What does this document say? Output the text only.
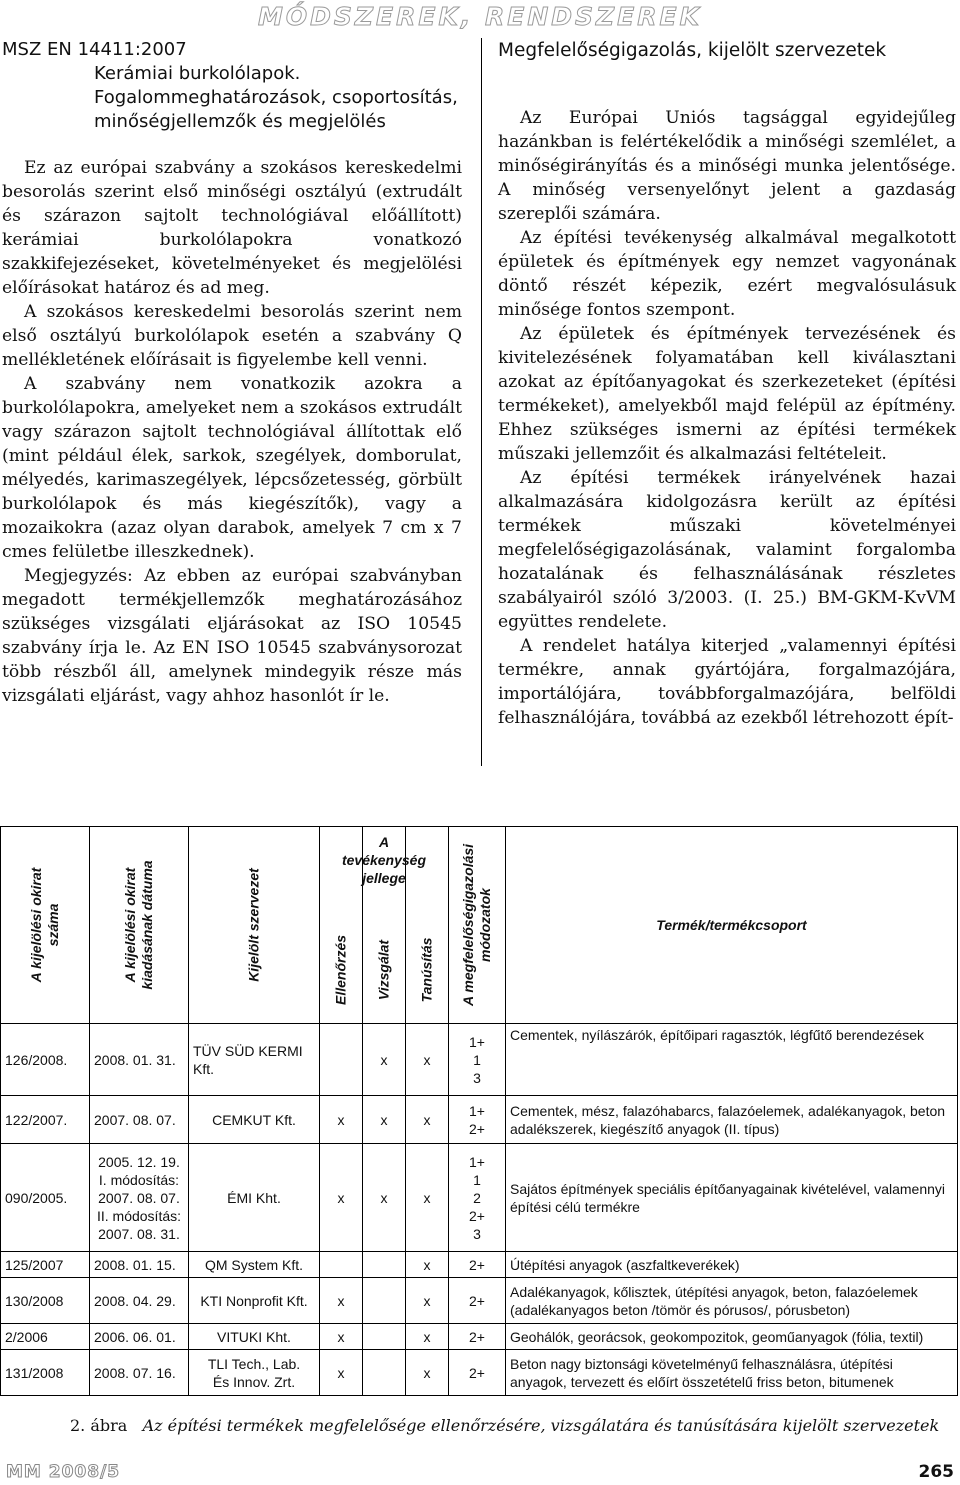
MÓDSZEREK, RENDSZEREK

MSZ EN 14411:2007

Kerámiai burkolólapok. Fogalommeghatározások, csoportosítás, minőségjellemzők és megjelölés

Ez az európai szabvány a szokásos kereskedelmi besorolás szerint első minőségi osztályú (extrudált és szárazon sajtolt technológiával előállított) kerámiai burkolólapokra vonatkozó szakkifejezéseket, követelményeket és megjelölési előírásokat határoz és ad meg.

A szokásos kereskedelmi besorolás szerint nem első osztályú burkolólapok esetén a szabvány Q mellékletének előírásait is figyelembe kell venni.

A szabvány nem vonatkozik azokra a burkolólapokra, amelyeket nem a szokásos extrudált vagy szárazon sajtolt technológiával állítottak elő (mint például élek, sarkok, szegélyek, domborulat, mélyedés, karimaszegélyek, lépcsőzetesség, görbült burkolólapok és más kiegészítők), vagy a mozaikokra (azaz olyan darabok, amelyek 7 cm x 7 cmes felületbe illeszkednek).

Megjegyzés: Az ebben az európai szabványban megadott termékjellemzők meghatározásához szükséges vizsgálati eljárásokat az ISO 10545 szabvány írja le. Az EN ISO 10545 szabványsorozat több részből áll, amelynek mindegyik része más vizsgálati eljárást, vagy ahhoz hasonlót ír le.

Megfelelőségigazolás, kijelölt szervezetek

Az Európai Uniós tagsággal egyidejűleg hazánkban is felértékelődik a minőségi szemlélet, a minőségirányítás és a minőségi munka jelentősége. A minőség versenyelőnyt jelent a gazdaság szereplői számára.

Az építési tevékenység alkalmával megalkotott épületek és építmények egy nemzet vagyonának döntő részét képezik, ezért megvalósulásuk minősége fontos szempont.

Az épületek és építmények tervezésének és kivitelezésének folyamatában kell kiválasztani azokat az építőanyagokat és szerkezeteket (építési termékeket), amelyekből majd felépül az építmény. Ehhez szükséges ismerni az építési termékek műszaki jellemzőit és alkalmazási feltételeit.

Az építési termékek irányelvének hazai alkalmazására kidolgozásra került az építési termékek műszaki követelményei megfelelőségigazolásának, valamint forgalomba hozatalának és felhasználásának részletes szabályairól szóló 3/2003. (I. 25.) BM-GKM-KvVM együttes rendelete.

A rendelet hatálya kiterjed „valamennyi építési termékre, annak gyártójára, forgalmazójára, importálójára, továbbforgalmazójára, belföldi felhasználójára, továbbá az ezekből létrehozott épít-

A kijelölési okirat
száma	A kijelölési okirat
kiadásának dátuma	Kijelölt szervezet	Ellenőrzés	A
tevékenység
jellege
Vizsgálat	Tanúsítás	A megfelelőségigazolási
módozatok	Termék/termékcsoport
126/2008.	2008. 01. 31.	TÜV SÜD KERMI Kft.		x	x	1+
1
3	Cementek, nyílászárók, építőipari ragasztók, légfűtő berendezések
122/2007.	2007. 08. 07.	CEMKUT Kft.	x	x	x	1+
2+	Cementek, mész, falazóhabarcs, falazóelemek, adalékanyagok, beton adalékszerek, kiegészítő anyagok (II. típus)
090/2005.	2005. 12. 19.
I. módosítás:
2007. 08. 07.
II. módosítás:
2007. 08. 31.	ÉMI Kht.	x	x	x	1+
1
2
2+
3	Sajátos építmények speciális építőanyagainak kivételével, valamennyi építési célú termékre
125/2007	2008. 01. 15.	QM System Kft.			x	2+	Útépítési anyagok (aszfaltkeverékek)
130/2008	2008. 04. 29.	KTI Nonprofit Kft.	x		x	2+	Adalékanyagok, kőlisztek, útépítési anyagok, beton, falazóelemek (adalékanyagos beton /tömör és pórusos/, pórusbeton)
2/2006	2006. 06. 01.	VITUKI Kht.	x		x	2+	Geohálók, georácsok, geokompozitok, geoműanyagok (fólia, textil)
131/2008	2008. 07. 16.	TLI Tech., Lab.
És Innov. Zrt.	x		x	2+	Beton nagy biztonsági követelményű felhasználásra, útépítési anyagok, tervezett és előírt összetételű friss beton, bitumenek
2. ábra Az építési termékek megfelelősége ellenőrzésére, vizsgálatára és tanúsítására kijelölt szervezetek
MM 2008/5	265
